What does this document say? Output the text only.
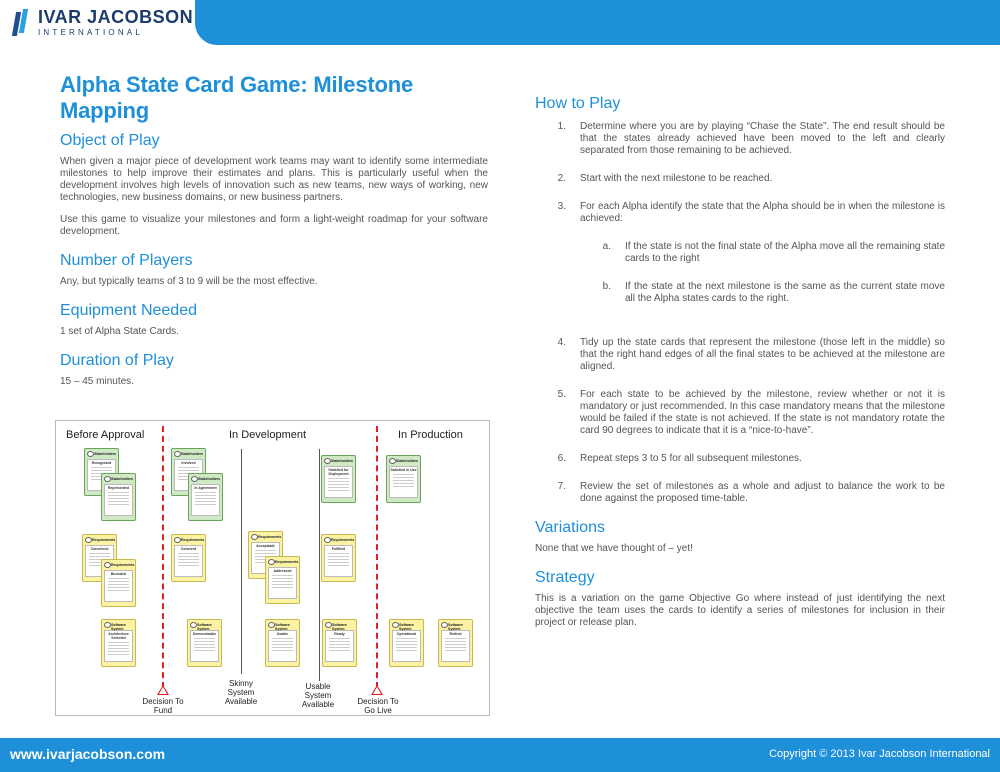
IVAR JACOBSON
INTERNATIONAL
Alpha State Card Game: Milestone Mapping
Object of Play

When given a major piece of development work teams may want to identify some intermediate milestones to help improve their estimates and plans. This is particularly useful when the development involves high levels of innovation such as new teams, new ways of working, new technologies, new business domains, or new business partners.

Use this game to visualize your milestones and form a light-weight roadmap for your software development.

Number of Players

Any, but typically teams of 3 to 9 will be the most effective.

Equipment Needed

1 set of Alpha State Cards.

Duration of Play

15 – 45 minutes.

Before Approval	In Development	In Production
Decision To Fund
Skinny System Available
Usable System Available	Decision To Go Live
Stakeholders
Recognized
Stakeholders
Represented
Stakeholders
Involved
Stakeholders
In Agreement
Stakeholders
Satisfied for Deployment
Stakeholders
Satisfied in Use
Requirements
Conceived
Requirements
Bounded
Requirements
Coherent
Requirements
Acceptable
Requirements
Addressed
Requirements
Fulfilled
Software System
Architecture Selected
Software System
Demonstrable
Software System
Usable
Software System
Ready
Software System
Operational
Software System
Retired
How to Play
1.	Determine where you are by playing “Chase the State”. The end result should be that the states already achieved have been moved to the left and clearly separated from those remaining to be achieved.
2.	Start with the next milestone to be reached.
3.	For each Alpha identify the state that the Alpha should be in when the milestone is achieved:
a.	If the state is not the final state of the Alpha move all the remaining state cards to the right
b.	If the state at the next milestone is the same as the current state move all the Alpha states cards to the right.
4.	Tidy up the state cards that represent the milestone (those left in the middle) so that the right hand edges of all the final states to be achieved at the milestone are aligned.
5.	For each state to be achieved by the milestone, review whether or not it is mandatory or just recommended. In this case mandatory means that the milestone would be failed if the state is not achieved. If the state is not mandatory rotate the card 90 degrees to indicate that it is a “nice-to-have”.
6.	Repeat steps 3 to 5 for all subsequent milestones.
7.	Review the set of milestones as a whole and adjust to balance the work to be done against the proposed time-table.
Variations

None that we have thought of – yet!

Strategy

This is a variation on the game Objective Go where instead of just identifying the next objective the team uses the cards to identify a series of milestones for inclusion in their project or release plan.

www.ivarjacobson.com	Copyright © 2013 Ivar Jacobson International
